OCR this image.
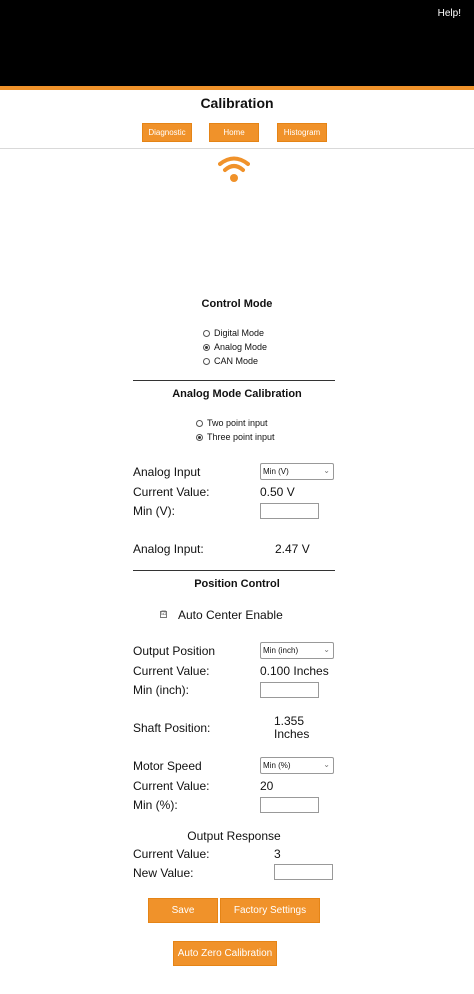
Help!
Calibration
Diagnostic	Home	Histogram
Control Mode
Digital Mode
Analog Mode
CAN Mode
Analog Mode Calibration
Two point input
Three point input
Analog Input	Min (V)	⌄
Current Value:	0.50 V
Min (V):
Analog Input:	2.47 V
Position Control
☑ Auto Center Enable
Output Position	Min (inch)	⌄
Current Value:	0.100 Inches
Min (inch):
Shaft Position:	1.355
Inches
Motor Speed	Min (%)	⌄
Current Value:	20
Min (%):
Output Response
Current Value:	3
New Value:
Save	Factory Settings
Auto Zero Calibration
